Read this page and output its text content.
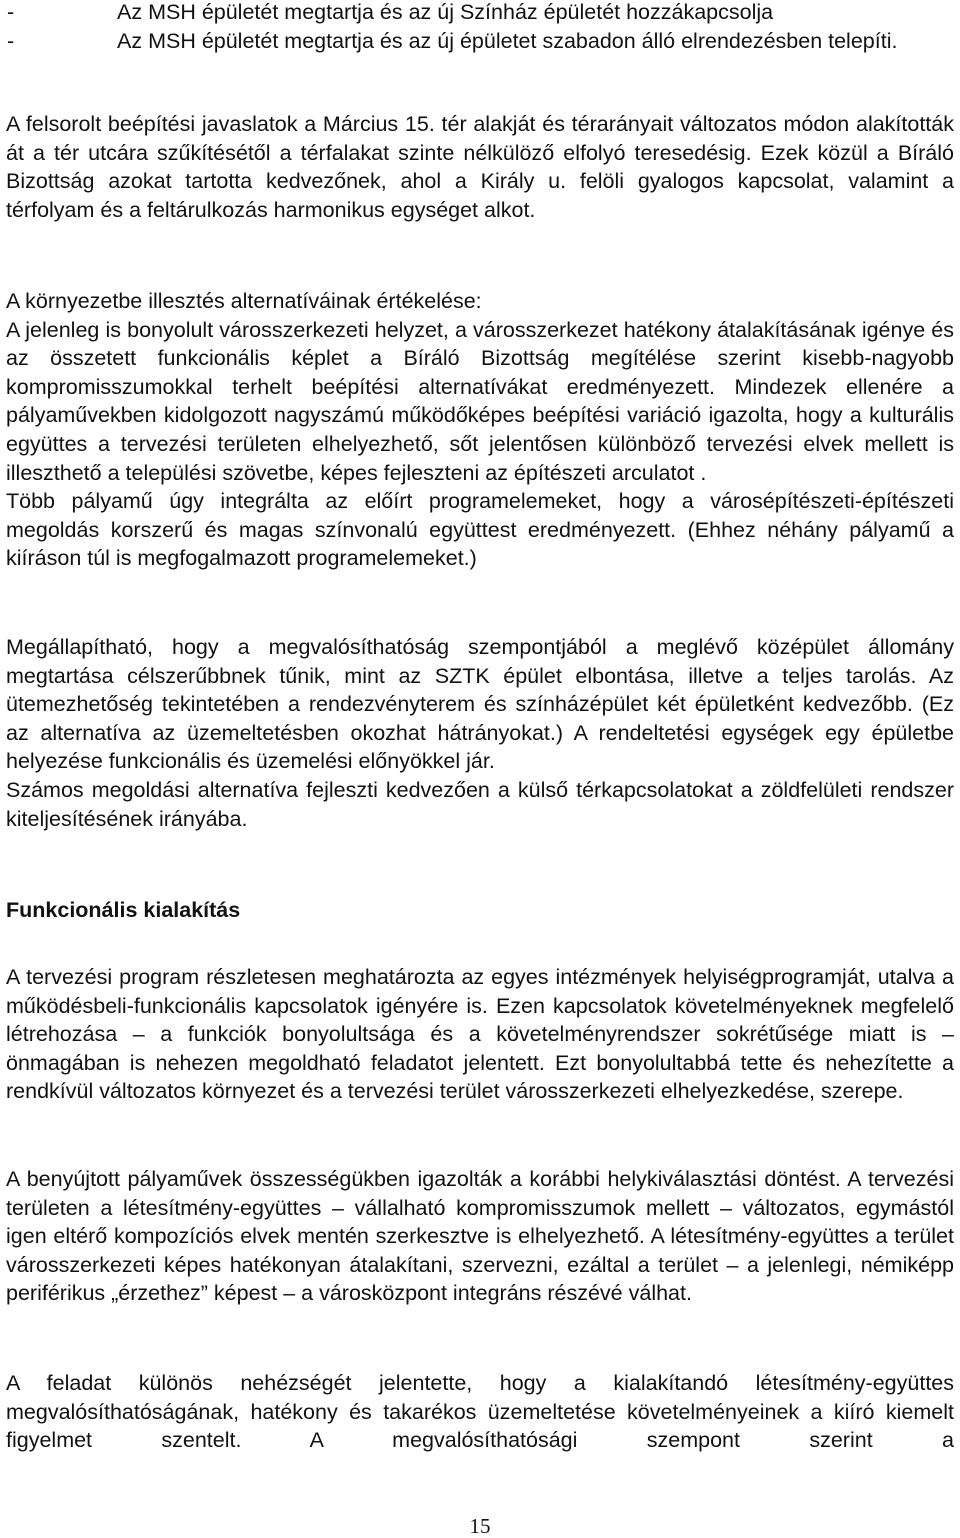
-	Az MSH épületét megtartja és az új Színház épületét hozzákapcsolja
-	Az MSH épületét megtartja és az új épületet szabadon álló elrendezésben telepíti.

A felsorolt beépítési javaslatok a Március 15. tér alakját és térarányait változatos módon alakították át a tér utcára szűkítésétől a térfalakat szinte nélkülöző elfolyó teresedésig. Ezek közül a Bíráló Bizottság azokat tartotta kedvezőnek, ahol a Király u. felöli gyalogos kapcsolat, valamint a térfolyam és a feltárulkozás harmonikus egységet alkot.

A környezetbe illesztés alternatíváinak értékelése:

A jelenleg is bonyolult városszerkezeti helyzet, a városszerkezet hatékony átalakításának igénye és az összetett funkcionális képlet a Bíráló Bizottság megítélése szerint kisebb-nagyobb kompromisszumokkal terhelt beépítési alternatívákat eredményezett. Mindezek ellenére a pályaművekben kidolgozott nagyszámú működőképes beépítési variáció igazolta, hogy a kulturális együttes a tervezési területen elhelyezhető, sőt jelentősen különböző tervezési elvek mellett is illeszthető a települési szövetbe, képes fejleszteni az építészeti arculatot .

Több pályamű úgy integrálta az előírt programelemeket, hogy a városépítészeti-építészeti megoldás korszerű és magas színvonalú együttest eredményezett. (Ehhez néhány pályamű a kiíráson túl is megfogalmazott programelemeket.)

Megállapítható, hogy a megvalósíthatóság szempontjából a meglévő középület állomány megtartása célszerűbbnek tűnik, mint az SZTK épület elbontása, illetve a teljes tarolás. Az ütemezhetőség tekintetében a rendezvényterem és színházépület két épületként kedvezőbb. (Ez az alternatíva az üzemeltetésben okozhat hátrányokat.) A rendeltetési egységek egy épületbe helyezése funkcionális és üzemelési előnyökkel jár.

Számos megoldási alternatíva fejleszti kedvezően a külső térkapcsolatokat a zöldfelületi rendszer kiteljesítésének irányába.

Funkcionális kialakítás

A tervezési program részletesen meghatározta az egyes intézmények helyiségprogramját, utalva a működésbeli-funkcionális kapcsolatok igényére is. Ezen kapcsolatok követelményeknek megfelelő létrehozása – a funkciók bonyolultsága és a követelményrendszer sokrétűsége miatt is – önmagában is nehezen megoldható feladatot jelentett. Ezt bonyolultabbá tette és nehezítette a rendkívül változatos környezet és a tervezési terület városszerkezeti elhelyezkedése, szerepe.

A benyújtott pályaművek összességükben igazolták a korábbi helykiválasztási döntést. A tervezési területen a létesítmény-együttes – vállalható kompromisszumok mellett – változatos, egymástól igen eltérő kompozíciós elvek mentén szerkesztve is elhelyezhető. A létesítmény-együttes a terület városszerkezeti képes hatékonyan átalakítani, szervezni, ezáltal a terület – a jelenlegi, némiképp periférikus „érzethez” képest – a városközpont integráns részévé válhat.

A feladat különös nehézségét jelentette, hogy a kialakítandó létesítmény-együttes megvalósíthatóságának, hatékony és takarékos üzemeltetése követelményeinek a kiíró kiemelt figyelmet szentelt. A megvalósíthatósági szempont szerint a

15
